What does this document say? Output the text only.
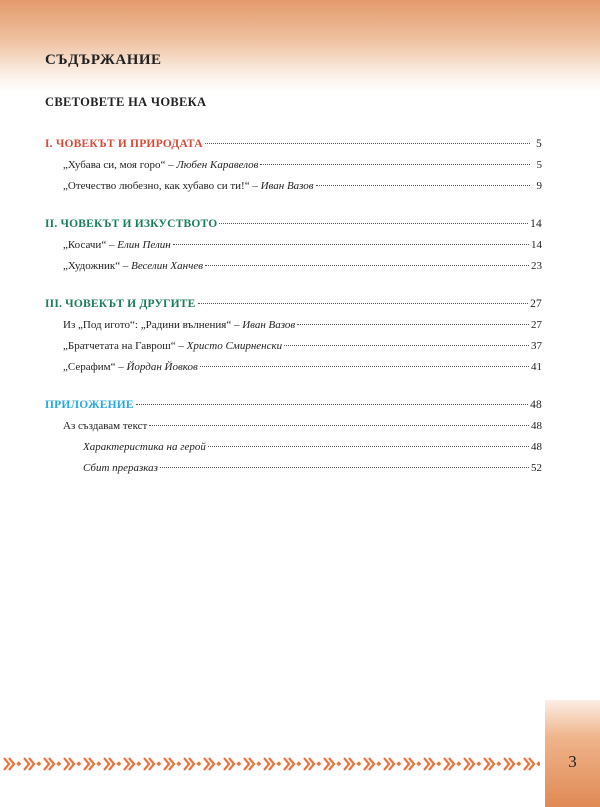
СЪДЪРЖАНИЕ
СВЕТОВЕТЕ НА ЧОВЕКА
I. ЧОВЕКЪТ И ПРИРОДАТА	5
„Хубава си, моя горо“ – Любен Каравелов	5
„Отечество любезно, как хубаво си ти!“ – Иван Вазов	9
II. ЧОВЕКЪТ И ИЗКУСТВОТО	14
„Косачи“ – Елин Пелин	14
„Художник“ – Веселин Ханчев	23
III. ЧОВЕКЪТ И ДРУГИТЕ	27
Из „Под игото“: „Радини вълнения“ – Иван Вазов	27
„Братчетата на Гаврош“ – Христо Смирненски	37
„Серафим“ – Йордан Йовков	41
ПРИЛОЖЕНИЕ	48
Аз създавам текст	48
Характеристика на герой	48
Сбит преразказ	52
3
